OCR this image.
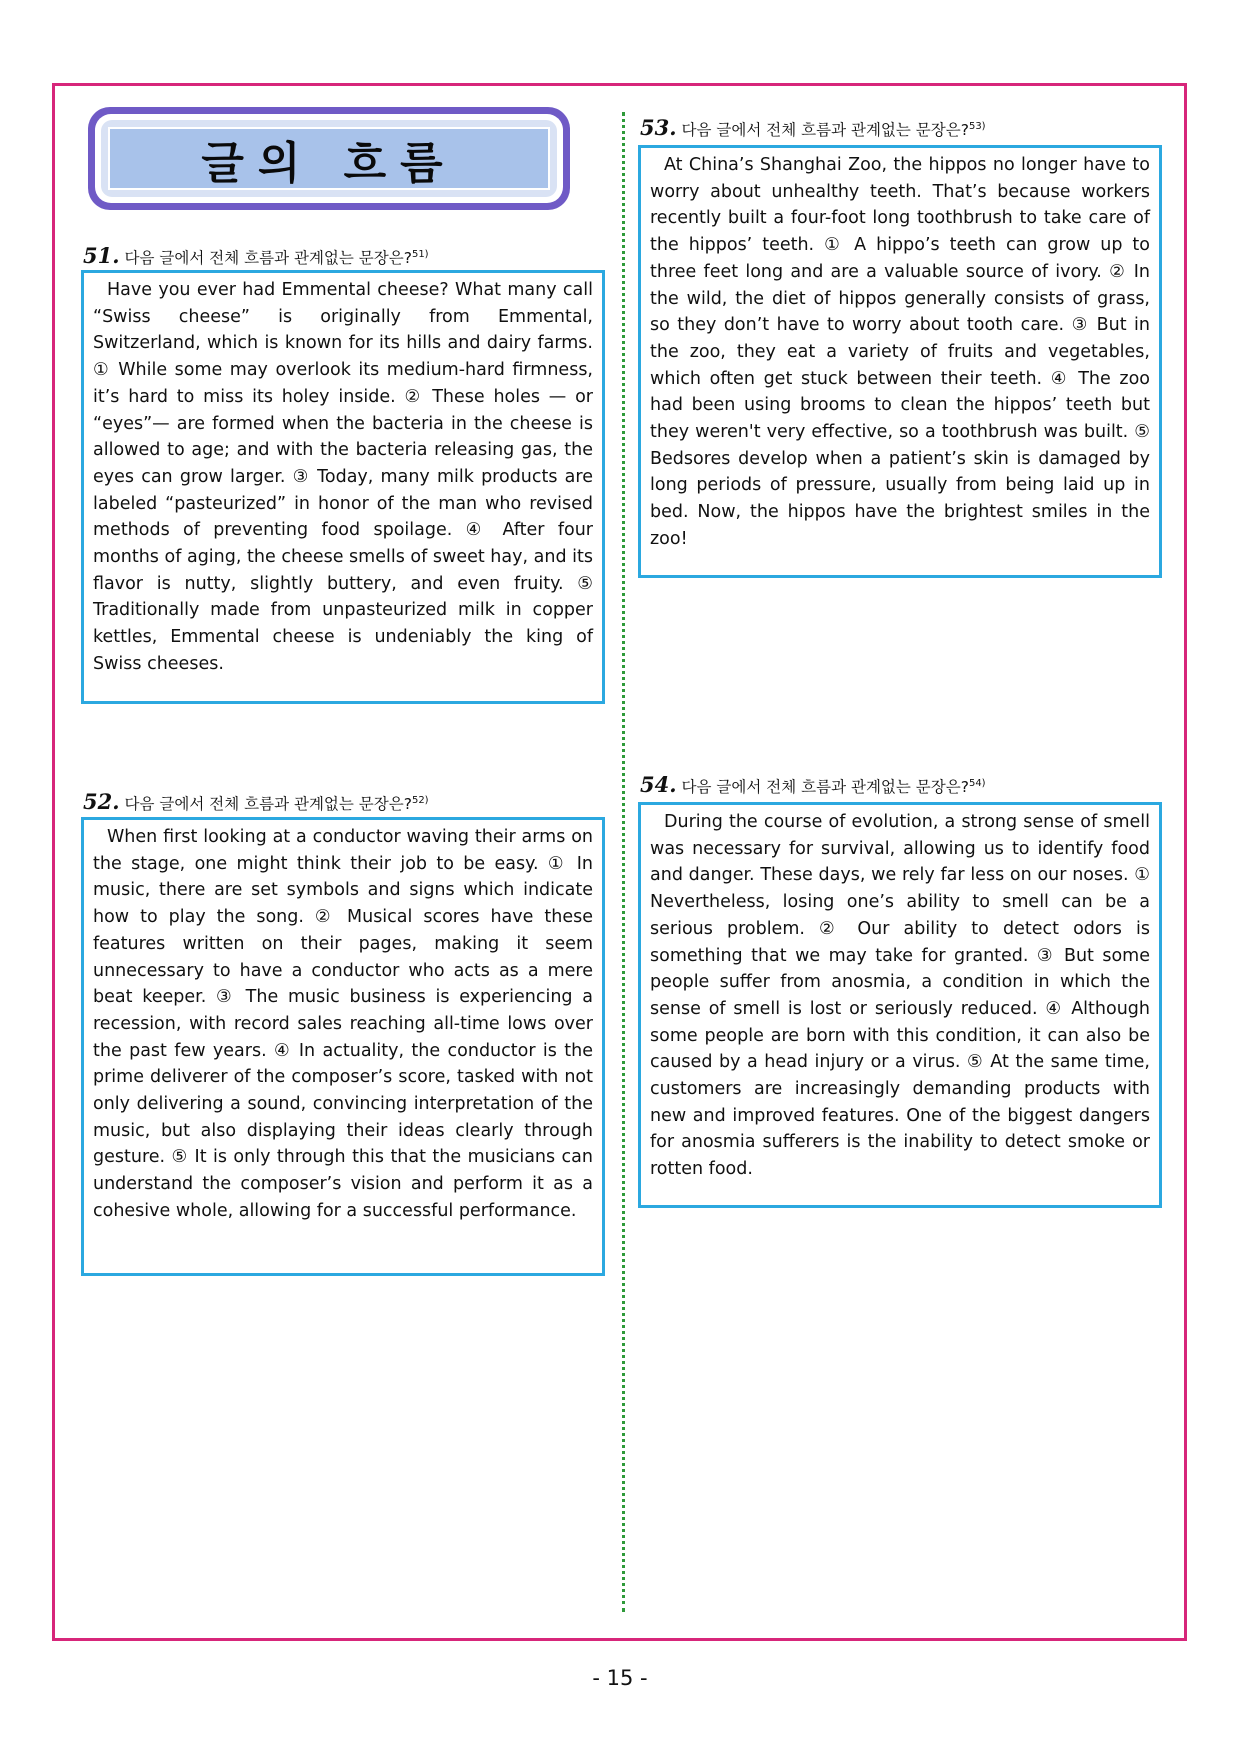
글의 흐름
51. 다음 글에서 전체 흐름과 관계없는 문장은?$^{51)}$

Have you ever had Emmental cheese? What many call “Swiss cheese” is originally from Emmental, Switzerland, which is known for its hills and dairy farms. ① While some may overlook its medium-hard firmness, it’s hard to miss its holey inside. ② These holes — or “eyes”— are formed when the bacteria in the cheese is allowed to age; and with the bacteria releasing gas, the eyes can grow larger. ③ Today, many milk products are labeled “pasteurized” in honor of the man who revised methods of preventing food spoilage. ④ After four months of aging, the cheese smells of sweet hay, and its flavor is nutty, slightly buttery, and even fruity. ⑤ Traditionally made from unpasteurized milk in copper kettles, Emmental cheese is undeniably the king of Swiss cheeses.

52. 다음 글에서 전체 흐름과 관계없는 문장은?$^{52)}$

When first looking at a conductor waving their arms on the stage, one might think their job to be easy. ① In music, there are set symbols and signs which indicate how to play the song. ② Musical scores have these features written on their pages, making it seem unnecessary to have a conductor who acts as a mere beat keeper. ③ The music business is experiencing a recession, with record sales reaching all-time lows over the past few years. ④ In actuality, the conductor is the prime deliverer of the composer’s score, tasked with not only delivering a sound, convincing interpretation of the music, but also displaying their ideas clearly through gesture. ⑤ It is only through this that the musicians can understand the composer’s vision and perform it as a cohesive whole, allowing for a successful performance.

53. 다음 글에서 전체 흐름과 관계없는 문장은?$^{53)}$

At China’s Shanghai Zoo, the hippos no longer have to worry about unhealthy teeth. That’s because workers recently built a four-foot long toothbrush to take care of the hippos’ teeth. ① A hippo’s teeth can grow up to three feet long and are a valuable source of ivory. ② In the wild, the diet of hippos generally consists of grass, so they don’t have to worry about tooth care. ③ But in the zoo, they eat a variety of fruits and vegetables, which often get stuck between their teeth. ④ The zoo had been using brooms to clean the hippos’ teeth but they weren't very effective, so a toothbrush was built. ⑤ Bedsores develop when a patient’s skin is damaged by long periods of pressure, usually from being laid up in bed. Now, the hippos have the brightest smiles in the zoo!

54. 다음 글에서 전체 흐름과 관계없는 문장은?$^{54)}$

During the course of evolution, a strong sense of smell was necessary for survival, allowing us to identify food and danger. These days, we rely far less on our noses. ① Nevertheless, losing one’s ability to smell can be a serious problem. ② Our ability to detect odors is something that we may take for granted. ③ But some people suffer from anosmia, a condition in which the sense of smell is lost or seriously reduced. ④ Although some people are born with this condition, it can also be caused by a head injury or a virus. ⑤ At the same time, customers are increasingly demanding products with new and improved features. One of the biggest dangers for anosmia sufferers is the inability to detect smoke or rotten food.

- 15 -
